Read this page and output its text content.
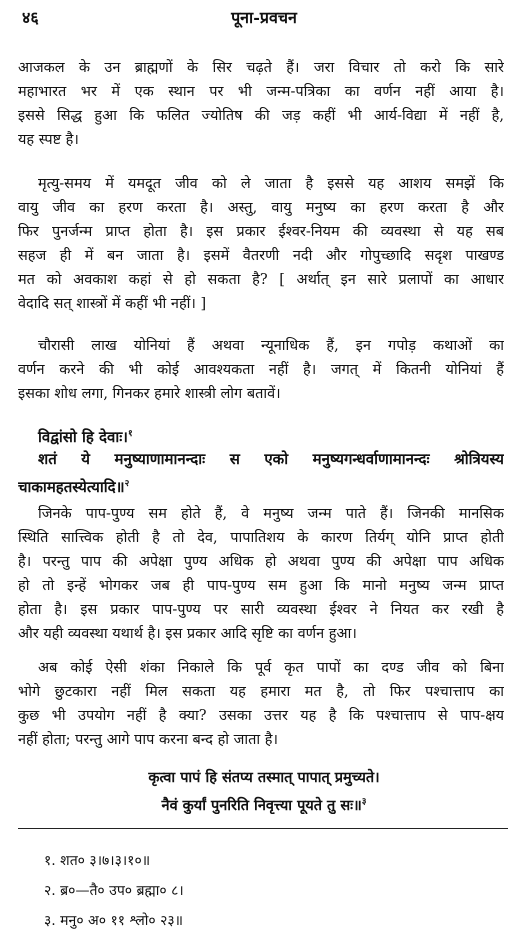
४६	पूना-प्रवचन
आजकल के उन ब्राह्मणों के सिर चढ़ते हैं। जरा विचार तो करो कि सारे
महाभारत भर में एक स्थान पर भी जन्म-पत्रिका का वर्णन नहीं आया है।
इससे सिद्ध हुआ कि फलित ज्योतिष की जड़ कहीं भी आर्य-विद्या में नहीं है,
यह स्पष्ट है।
मृत्यु-समय में यमदूत जीव को ले जाता है इससे यह आशय समझें कि
वायु जीव का हरण करता है। अस्तु, वायु मनुष्य का हरण करता है और
फिर पुनर्जन्म प्राप्त होता है। इस प्रकार ईश्वर-नियम की व्यवस्था से यह सब
सहज ही में बन जाता है। इसमें वैतरणी नदी और गोपुच्छादि सदृश पाखण्ड
मत को अवकाश कहां से हो सकता है? [ अर्थात् इन सारे प्रलापों का आधार
वेदादि सत् शास्त्रों में कहीं भी नहीं। ]
चौरासी लाख योनियां हैं अथवा न्यूनाधिक हैं, इन गपोड़ कथाओं का
वर्णन करने की भी कोई आवश्यकता नहीं है। जगत् में कितनी योनियां हैं
इसका शोध लगा, गिनकर हमारे शास्त्री लोग बतावें।
विद्वांसो हि देवाः।$^१$
शतं ये मनुष्याणामानन्दाः स एको मनुष्यगन्धर्वाणामानन्दः श्रोत्रियस्य
चाकामहतस्येत्यादि॥$^२$
जिनके पाप-पुण्य सम होते हैं, वे मनुष्य जन्म पाते हैं। जिनकी मानसिक
स्थिति सात्त्विक होती है तो देव, पापातिशय के कारण तिर्यग् योनि प्राप्त होती
है। परन्तु पाप की अपेक्षा पुण्य अधिक हो अथवा पुण्य की अपेक्षा पाप अधिक
हो तो इन्हें भोगकर जब ही पाप-पुण्य सम हुआ कि मानो मनुष्य जन्म प्राप्त
होता है। इस प्रकार पाप-पुण्य पर सारी व्यवस्था ईश्वर ने नियत कर रखी है
और यही व्यवस्था यथार्थ है। इस प्रकार आदि सृष्टि का वर्णन हुआ।
अब कोई ऐसी शंका निकाले कि पूर्व कृत पापों का दण्ड जीव को बिना
भोगे छुटकारा नहीं मिल सकता यह हमारा मत है, तो फिर पश्चात्ताप का
कुछ भी उपयोग नहीं है क्या? उसका उत्तर यह है कि पश्चात्ताप से पाप-क्षय
नहीं होता; परन्तु आगे पाप करना बन्द हो जाता है।
कृत्वा पापं हि संतप्य तस्मात् पापात् प्रमुच्यते।
नैवं कुर्यां पुनरिति निवृत्त्या पूयते तु सः॥$^३$
१. शत० ३।७।३।१०॥
२. ब्र०—तै० उप० ब्रह्मा० ८।
३. मनु० अ० ११ श्लो० २३॥
